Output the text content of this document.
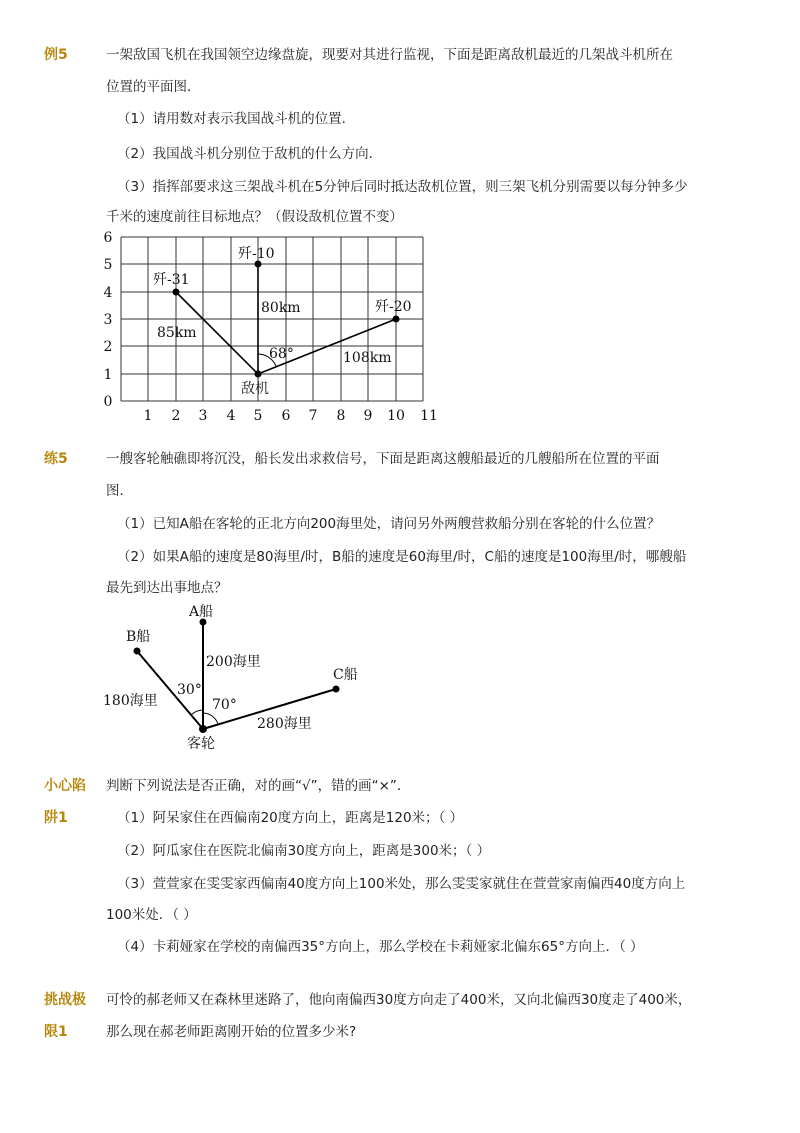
例5	一架敌国飞机在我国领空边缘盘旋，现要对其进行监视，下面是距离敌机最近的几架战斗机所在
位置的平面图．
（1）请用数对表示我国战斗机的位置．
（2）我国战斗机分别位于敌机的什么方向．
（3）指挥部要求这三架战斗机在5分钟后同时抵达敌机位置，则三架飞机分别需要以每分钟多少
千米的速度前往目标地点？（假设敌机位置不变）
1 2 3 4 5 6 7 8 9 10 11
0
1
2
3
4
5
6
歼-31
歼-10
歼-20
敌机
85km
80km
108km
68°
练5	一艘客轮触礁即将沉没，船长发出求救信号，下面是距离这艘船最近的几艘船所在位置的平面
图．
（1）已知A船在客轮的正北方向200海里处，请问另外两艘营救船分别在客轮的什么位置？
（2）如果A船的速度是80海里/时，B船的速度是60海里/时，C船的速度是100海里/时，哪艘船
最先到达出事地点？
A船
B船
C船
客轮
200海里
180海里
280海里
30°
70°
小心陷
阱1
判断下列说法是否正确，对的画“√”，错的画“×”．
（1）阿呆家住在西偏南20度方向上，距离是120米；（ ）
（2）阿瓜家住在医院北偏南30度方向上，距离是300米；（ ）
（3）萱萱家在雯雯家西偏南40度方向上100米处，那么雯雯家就住在萱萱家南偏西40度方向上
100米处．（ ）
（4）卡莉娅家在学校的南偏西35°方向上，那么学校在卡莉娅家北偏东65°方向上．（ ）
挑战极
限1
可怜的郝老师又在森林里迷路了，他向南偏西30度方向走了400米，又向北偏西30度走了400米，
那么现在郝老师距离刚开始的位置多少米?
